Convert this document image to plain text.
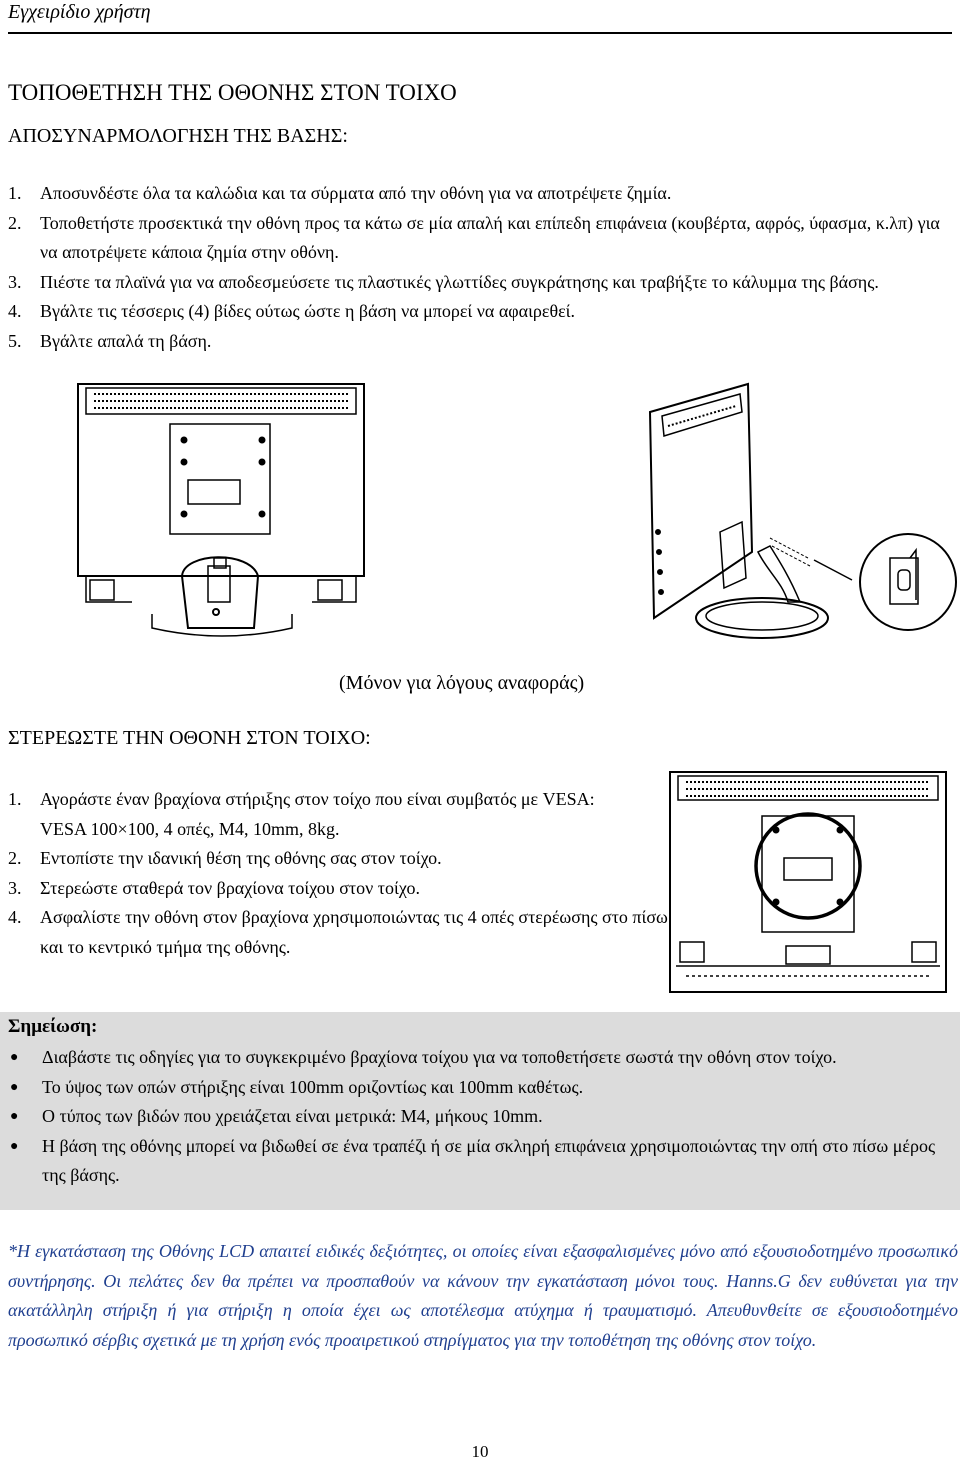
Εγχειρίδιο χρήστη
ΤΟΠΟΘΕΤΗΣΗ ΤΗΣ ΟΘΟΝΗΣ ΣΤΟΝ ΤΟΙΧΟ
ΑΠΟΣΥΝΑΡΜΟΛΟΓΗΣΗ ΤΗΣ ΒΑΣΗΣ:
1.	Αποσυνδέστε όλα τα καλώδια και τα σύρματα από την οθόνη για να αποτρέψετε ζημία.
2.	Τοποθετήστε προσεκτικά την οθόνη προς τα κάτω σε μία απαλή και επίπεδη επιφάνεια (κουβέρτα, αφρός, ύφασμα, κ.λπ) για να αποτρέψετε κάποια ζημία στην οθόνη.
3.	Πιέστε τα πλαϊνά για να αποδεσμεύσετε τις πλαστικές γλωττίδες συγκράτησης και τραβήξτε το κάλυμμα της βάσης.
4.	Βγάλτε τις τέσσερις (4) βίδες ούτως ώστε η βάση να μπορεί να αφαιρεθεί.
5.	Βγάλτε απαλά τη βάση.
(Μόνον για λόγους αναφοράς)
ΣΤΕΡΕΩΣΤΕ ΤΗΝ ΟΘΟΝΗ ΣΤΟΝ ΤΟΙΧΟ:
1.	Αγοράστε έναν βραχίονα στήριξης στον τοίχο που είναι συμβατός με VESA:
VESA 100×100, 4 οπές, M4, 10mm, 8kg.
2.	Εντοπίστε την ιδανική θέση της οθόνης σας στον τοίχο.
3.	Στερεώστε σταθερά τον βραχίονα τοίχου στον τοίχο.
4.	Ασφαλίστε την οθόνη στον βραχίονα χρησιμοποιώντας τις 4 οπές στερέωσης στο πίσω και το κεντρικό τμήμα της οθόνης.
Σημείωση:
●	Διαβάστε τις οδηγίες για το συγκεκριμένο βραχίονα τοίχου για να τοποθετήσετε σωστά την οθόνη στον τοίχο.
●	Το ύψος των οπών στήριξης είναι 100mm οριζοντίως και 100mm καθέτως.
●	Ο τύπος των βιδών που χρειάζεται είναι μετρικά: M4, μήκους 10mm.
●	Η βάση της οθόνης μπορεί να βιδωθεί σε ένα τραπέζι ή σε μία σκληρή επιφάνεια χρησιμοποιώντας την οπή στο πίσω μέρος της βάσης.
*Η εγκατάσταση της Οθόνης LCD απαιτεί ειδικές δεξιότητες, οι οποίες είναι εξασφαλισμένες μόνο από εξουσιοδοτημένο προσωπικό συντήρησης. Οι πελάτες δεν θα πρέπει να προσπαθούν να κάνουν την εγκατάσταση μόνοι τους. Hanns.G δεν ευθύνεται για την ακατάλληλη στήριξη ή για στήριξη η οποία έχει ως αποτέλεσμα ατύχημα ή τραυματισμό. Απευθυνθείτε σε εξουσιοδοτημένο προσωπικό σέρβις σχετικά με τη χρήση ενός προαιρετικού στηρίγματος για την τοποθέτηση της οθόνης στον τοίχο.
10
